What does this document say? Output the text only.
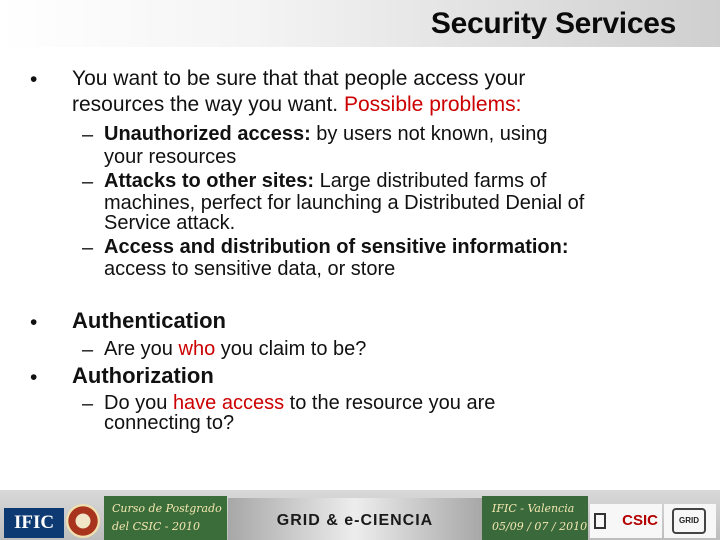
Security Services
• You want to be sure that that people access your
resources the way you want. Possible problems:
– Unauthorized access: by users not known, using
your resources
– Attacks to other sites: Large distributed farms of
machines, perfect for launching a Distributed Denial of
Service attack.
– Access and distribution of sensitive information:
access to sensitive data, or store
• Authentication
– Are you who you claim to be?
• Authorization
– Do you have access to the resource you are
connecting to?
IFIC
Curso de Postgrado
del CSIC - 2010	GRID & e-CIENCIA
IFIC - Valencia
05/09 / 07 / 2010	CSIC	GRID
